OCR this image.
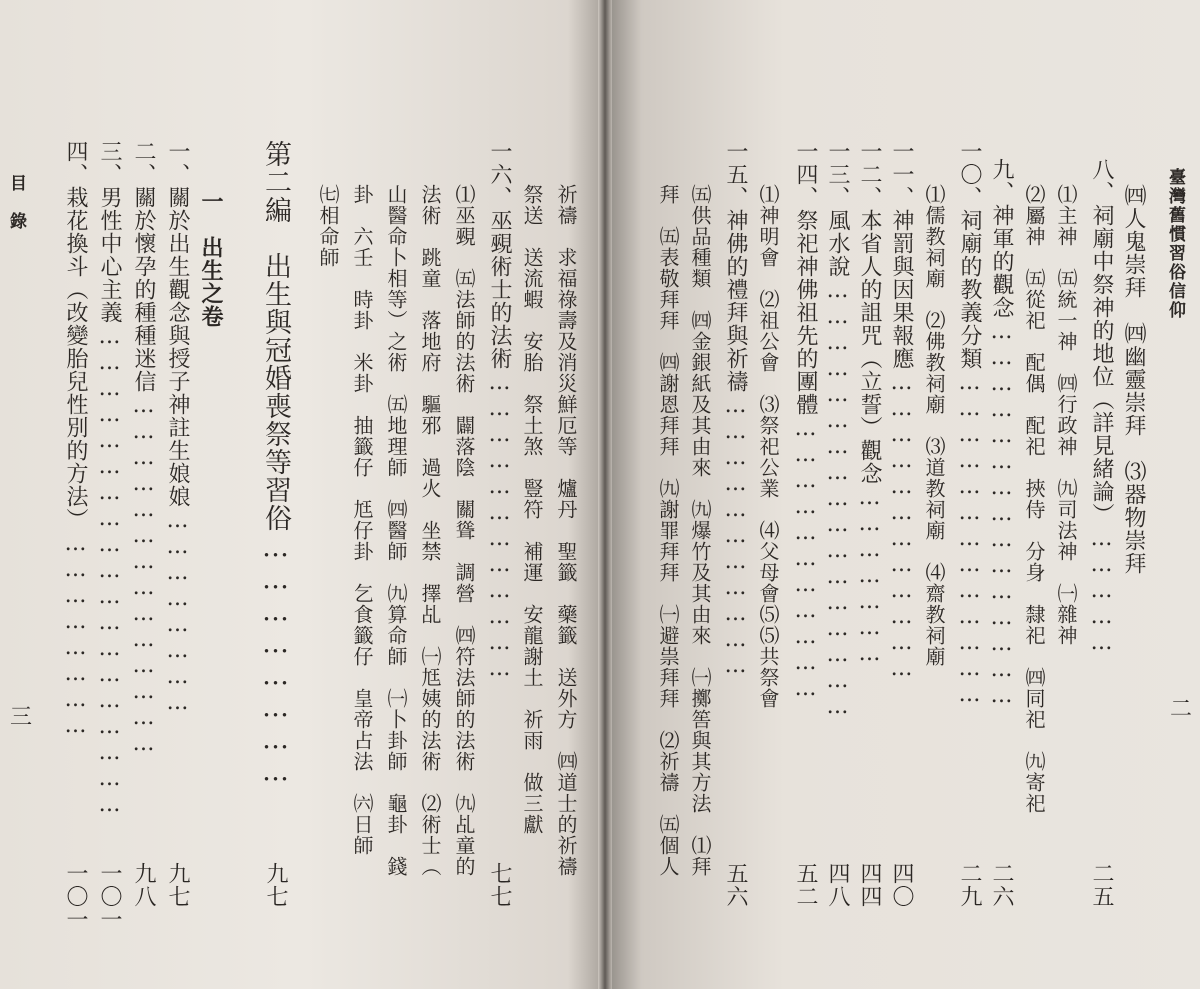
臺灣舊慣習俗信仰
二
㈣人鬼崇拜　㈣幽靈崇拜　⑶器物崇拜
八、祠廟中祭神的地位（詳見緒論）……………
二五
⑴主神　㈤統一神　㈣行政神　㈨司法神　㈠雜神
⑵屬神　㈤從祀　配偶　配祀　挾侍　分身　隸祀　㈣同祀　㈨寄祀
九、神軍的觀念………………………………………
二六
一〇、祠廟的教義分類…………………………………
二九
⑴儒教祠廟　⑵佛教祠廟　⑶道教祠廟　⑷齋教祠廟
一一、神罰與因果報應………………………………
四〇
一二、本省人的詛咒（立誓）觀念…………………
四四
一三、風水說……………………………………………
四八
一四、祭祀神佛祖先的團體……………………………
五二
⑴神明會　⑵祖公會　⑶祭祀公業　⑷父母會⑸⑸共祭會
一五、神佛的禮拜與祈禱……………………………
五六
㈤供品種類　㈣金銀紙及其由來　㈨爆竹及其由來　㈠擲筶與其方法　⑴拜
拜　㈤表敬拜拜　㈣謝恩拜拜　㈨謝罪拜拜　㈠避祟拜拜　⑵祈禱　㈤個人
目　錄
三	祈禱　求福祿壽及消災鮮厄等　爐丹　聖籤　藥籤　送外方　㈣道士的祈禱
祭送　送流蝦　安胎　祭土煞　豎符　補運　安龍謝土　祈雨　做三獻
一六、巫覡術士的法術………………………………
七七
⑴巫覡　㈤法師的法術　闢落陰　關聳　調營　㈣符法師的法術　㈨乩童的
法術　跳童　落地府　驅邪　過火　坐禁　擇乩　㈠尪姨的法術　⑵術士（
山醫命卜相等）之術　㈤地理師　㈣醫師　㈨算命師　㈠卜卦師　龜卦　錢
卦　六壬　時卦　米卦　抽籤仔　尪仔卦　乞食籤仔　皇帝占法　㈥日師
㈦相命師
第二編　出生與冠婚喪祭等習俗……………………
九七
一　出生之卷
一、關於出生觀念與授子神註生娘娘……………………
九七
二、關於懷孕的種種迷信……………………………………
九八
三、男性中心主義…………………………………………………
一〇一
四、栽花換斗（改變胎兒性別的方法）……………………
一〇一
